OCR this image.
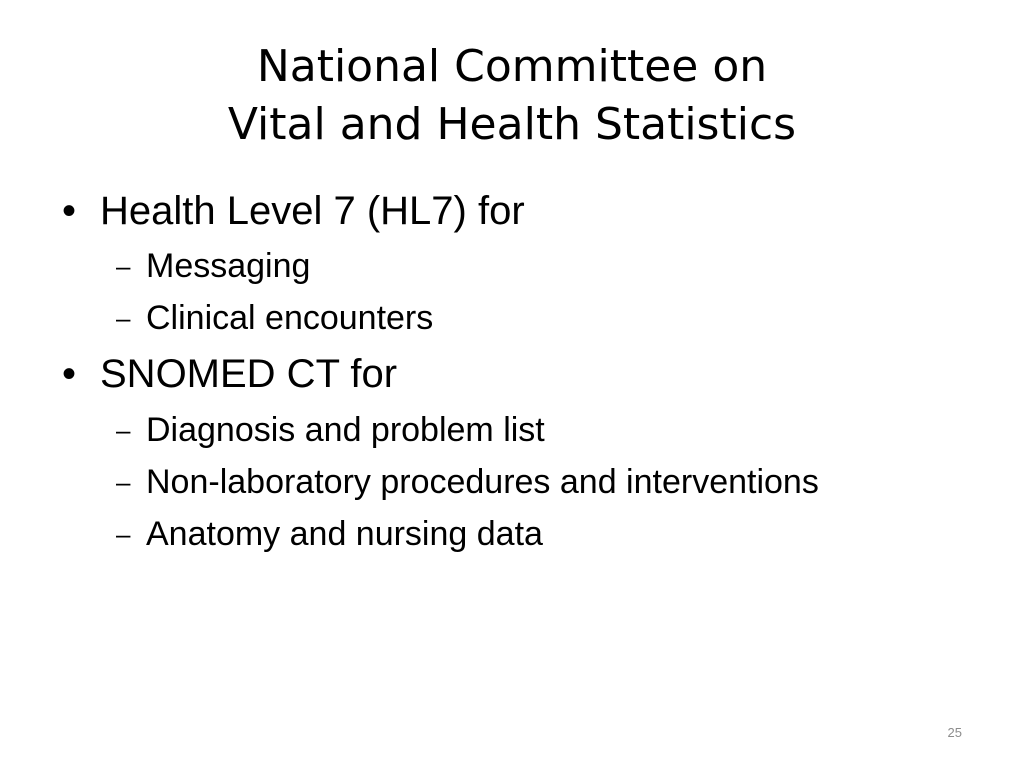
National Committee on
Vital and Health Statistics
• Health Level 7 (HL7) for
– Messaging
– Clinical encounters
• SNOMED CT for
– Diagnosis and problem list
– Non-laboratory procedures and interventions
– Anatomy and nursing data
25
